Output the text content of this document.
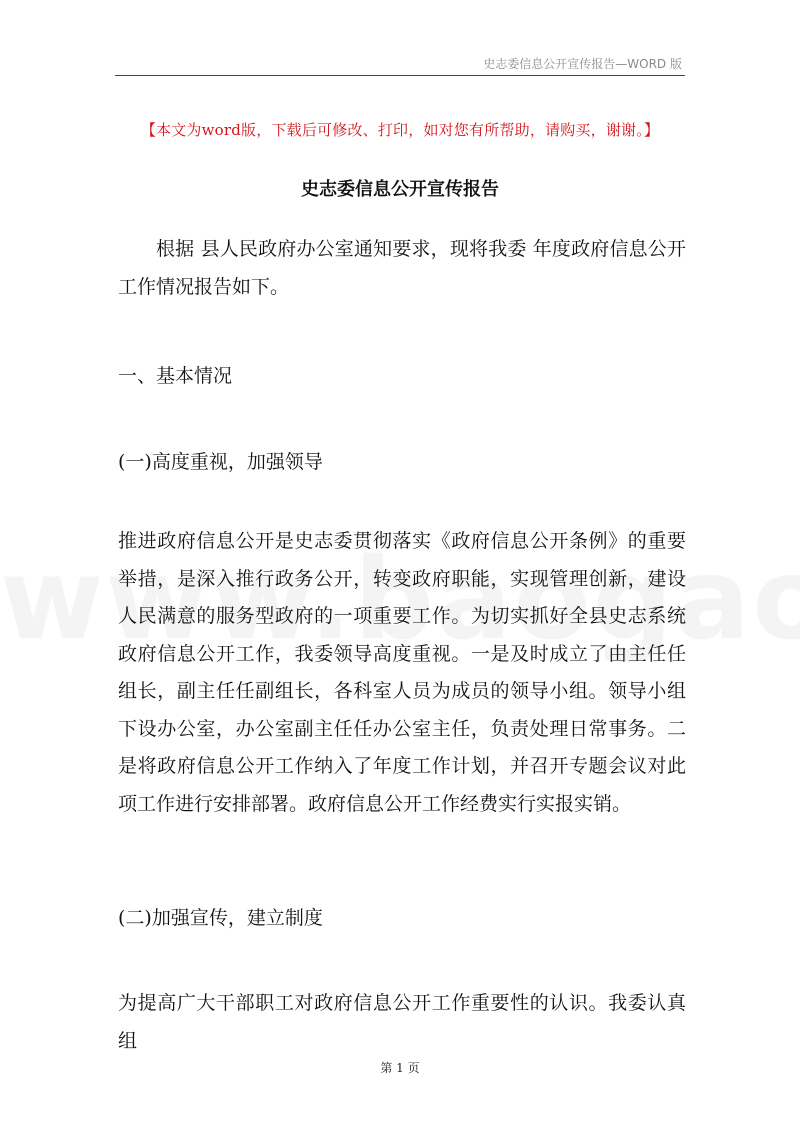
史志委信息公开宣传报告—WORD 版
【本文为word版，下载后可修改、打印，如对您有所帮助，请购买，谢谢。】
史志委信息公开宣传报告
根据 县人民政府办公室通知要求，现将我委 年度政府信息公开工作情况报告如下。
一、基本情况
(一)高度重视，加强领导
推进政府信息公开是史志委贯彻落实《政府信息公开条例》的重要举措，是深入推行政务公开，转变政府职能，实现管理创新，建设人民满意的服务型政府的一项重要工作。为切实抓好全县史志系统政府信息公开工作，我委领导高度重视。一是及时成立了由主任任组长，副主任任副组长，各科室人员为成员的领导小组。领导小组下设办公室，办公室副主任任办公室主任，负责处理日常事务。二是将政府信息公开工作纳入了年度工作计划，并召开专题会议对此项工作进行安排部署。政府信息公开工作经费实行实报实销。
(二)加强宣传，建立制度
为提高广大干部职工对政府信息公开工作重要性的认识。我委认真组
第 1 页
